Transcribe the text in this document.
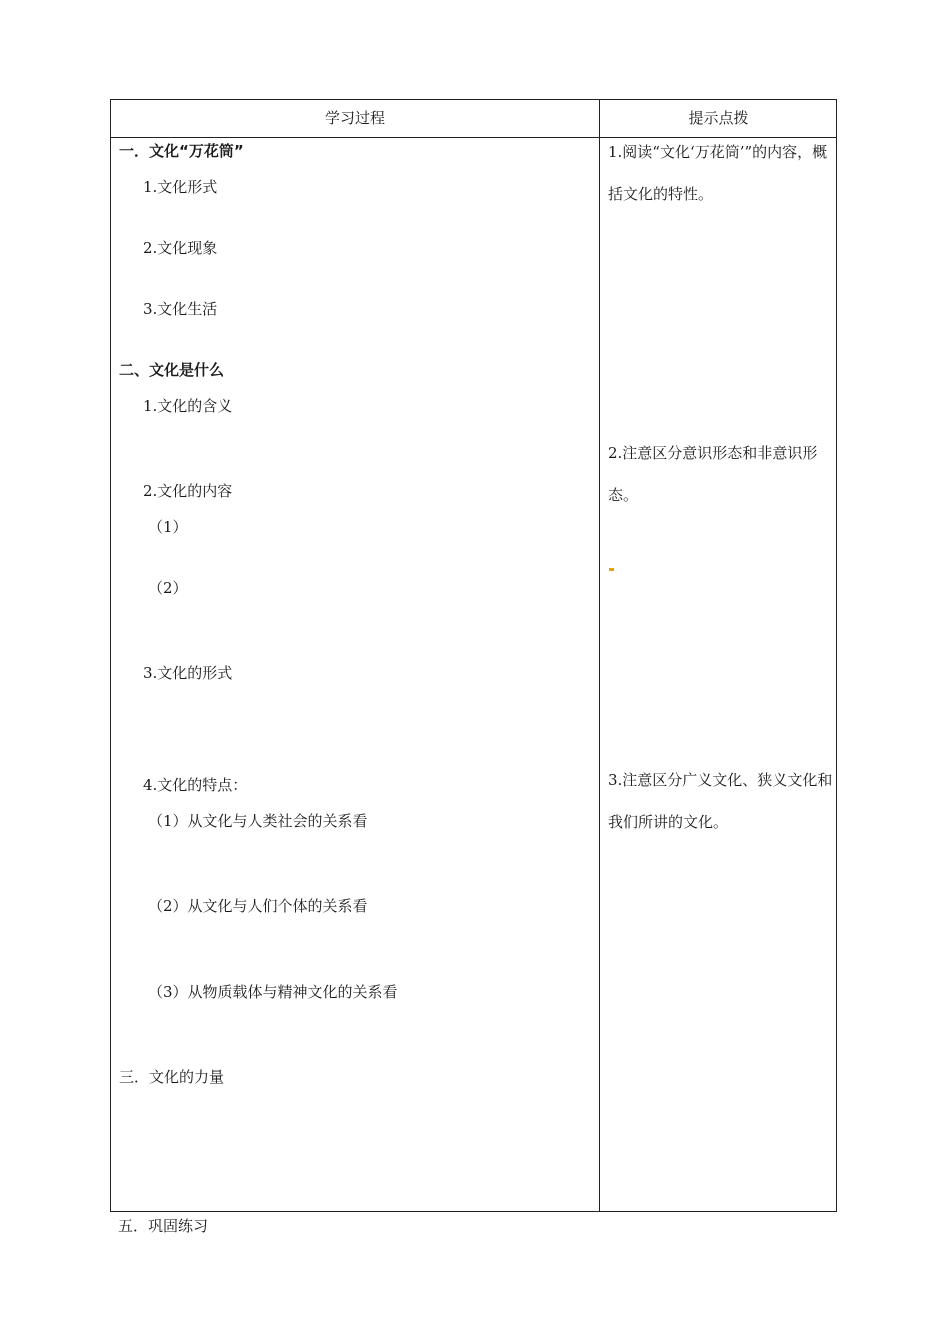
学习过程	提示点拨
一．文化“万花筒”
1.文化形式
2.文化现象
3.文化生活
二、文化是什么
1.文化的含义
2.文化的内容
（1）
（2）
3.文化的形式
4.文化的特点：
（1）从文化与人类社会的关系看
（2）从文化与人们个体的关系看
（3）从物质载体与精神文化的关系看
三．文化的力量
1.阅读“文化‘万花筒’”的内容，概括文化的特性。
2.注意区分意识形态和非意识形态。
3.注意区分广义文化、狭义文化和我们所讲的文化。
五．巩固练习
